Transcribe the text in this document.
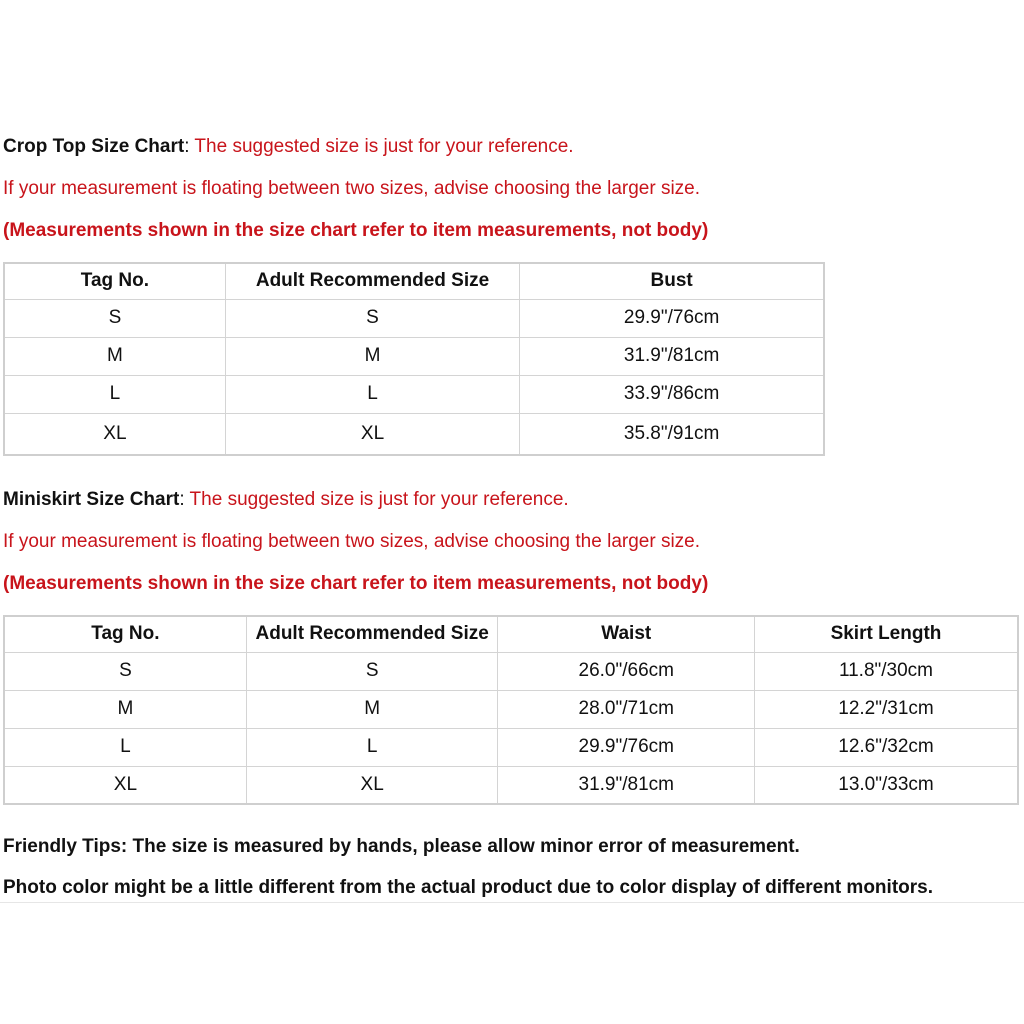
Crop Top Size Chart: The suggested size is just for your reference.
If your measurement is floating between two sizes, advise choosing the larger size.
(Measurements shown in the size chart refer to item measurements, not body)
Tag No.	Adult Recommended Size	Bust
S	S	29.9"/76cm
M	M	31.9"/81cm
L	L	33.9"/86cm
XL	XL	35.8"/91cm
Miniskirt Size Chart: The suggested size is just for your reference.
If your measurement is floating between two sizes, advise choosing the larger size.
(Measurements shown in the size chart refer to item measurements, not body)
Tag No.	Adult Recommended Size	Waist	Skirt Length
S	S	26.0"/66cm	11.8"/30cm
M	M	28.0"/71cm	12.2"/31cm
L	L	29.9"/76cm	12.6"/32cm
XL	XL	31.9"/81cm	13.0"/33cm
Friendly Tips: The size is measured by hands, please allow minor error of measurement.
Photo color might be a little different from the actual product due to color display of different monitors.
